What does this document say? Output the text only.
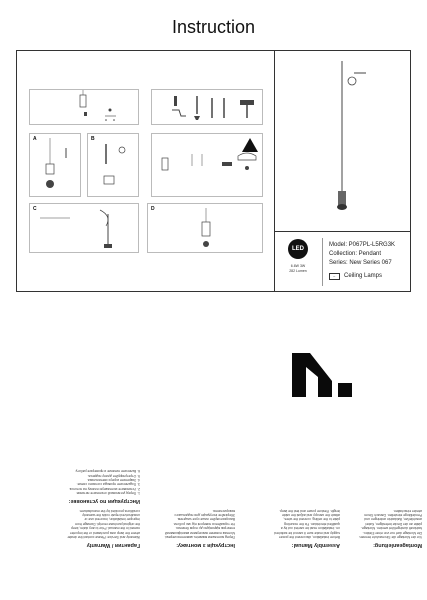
Instruction
A	B
C	D
LED
6.6W 3W
282 Lumen
Model: P067PL-L5RG3K
Collection: Pendant
Series: New Series 067
⌐	Ceiling Lamps
Montageanleitung:
Vor der Montage die Stromzufuhr trennen.
Die Montage darf nur von einer Elektro-
fachkraft durchgeführt werden. Montage-
platte an der Decke befestigen, Kabel
anschließen, Baldachin anbringen und
Pendellänge einstellen. Danach Strom
wieder einschalten.
Assembly Manual:
Before installation, disconnect the power
supply and make sure it cannot be switched
on. Installation must be carried out by a
qualified electrician. Fix the mounting
plate to the ceiling, connect the wires,
attach the canopy and adjust the cable
length. Restore power and test the lamp.
Інструкція з монтажу:
Перед монтажем вимкніть живлення мережі.
Монтаж повинен виконувати кваліфікований
електрик відповідно до норм безпеки.
Не торкайтеся поверхні під час роботи.
Використовуйте лише сухе чищення.
Зберігайте інструкцію для подальшого
використання.
Гарантия / Warranty
Warranty and Service: Please contact the dealer
where the lamp was purchased or the importer
named in the manual. Prior to any claim, keep
the original purchase receipt. Damage from
improper installation, incorrect use or
unauthorized repair voids the warranty
conditions provided by the manufacturer.
Инструкция по установке:
1. Перед установкой отключите питание.
2. Установите монтажную планку на потолок.
3. Подключите провода согласно схеме.
4. Закрепите корпус светильника.
5. Отрегулируйте длину подвеса.
6. Включите питание и проверьте работу.
